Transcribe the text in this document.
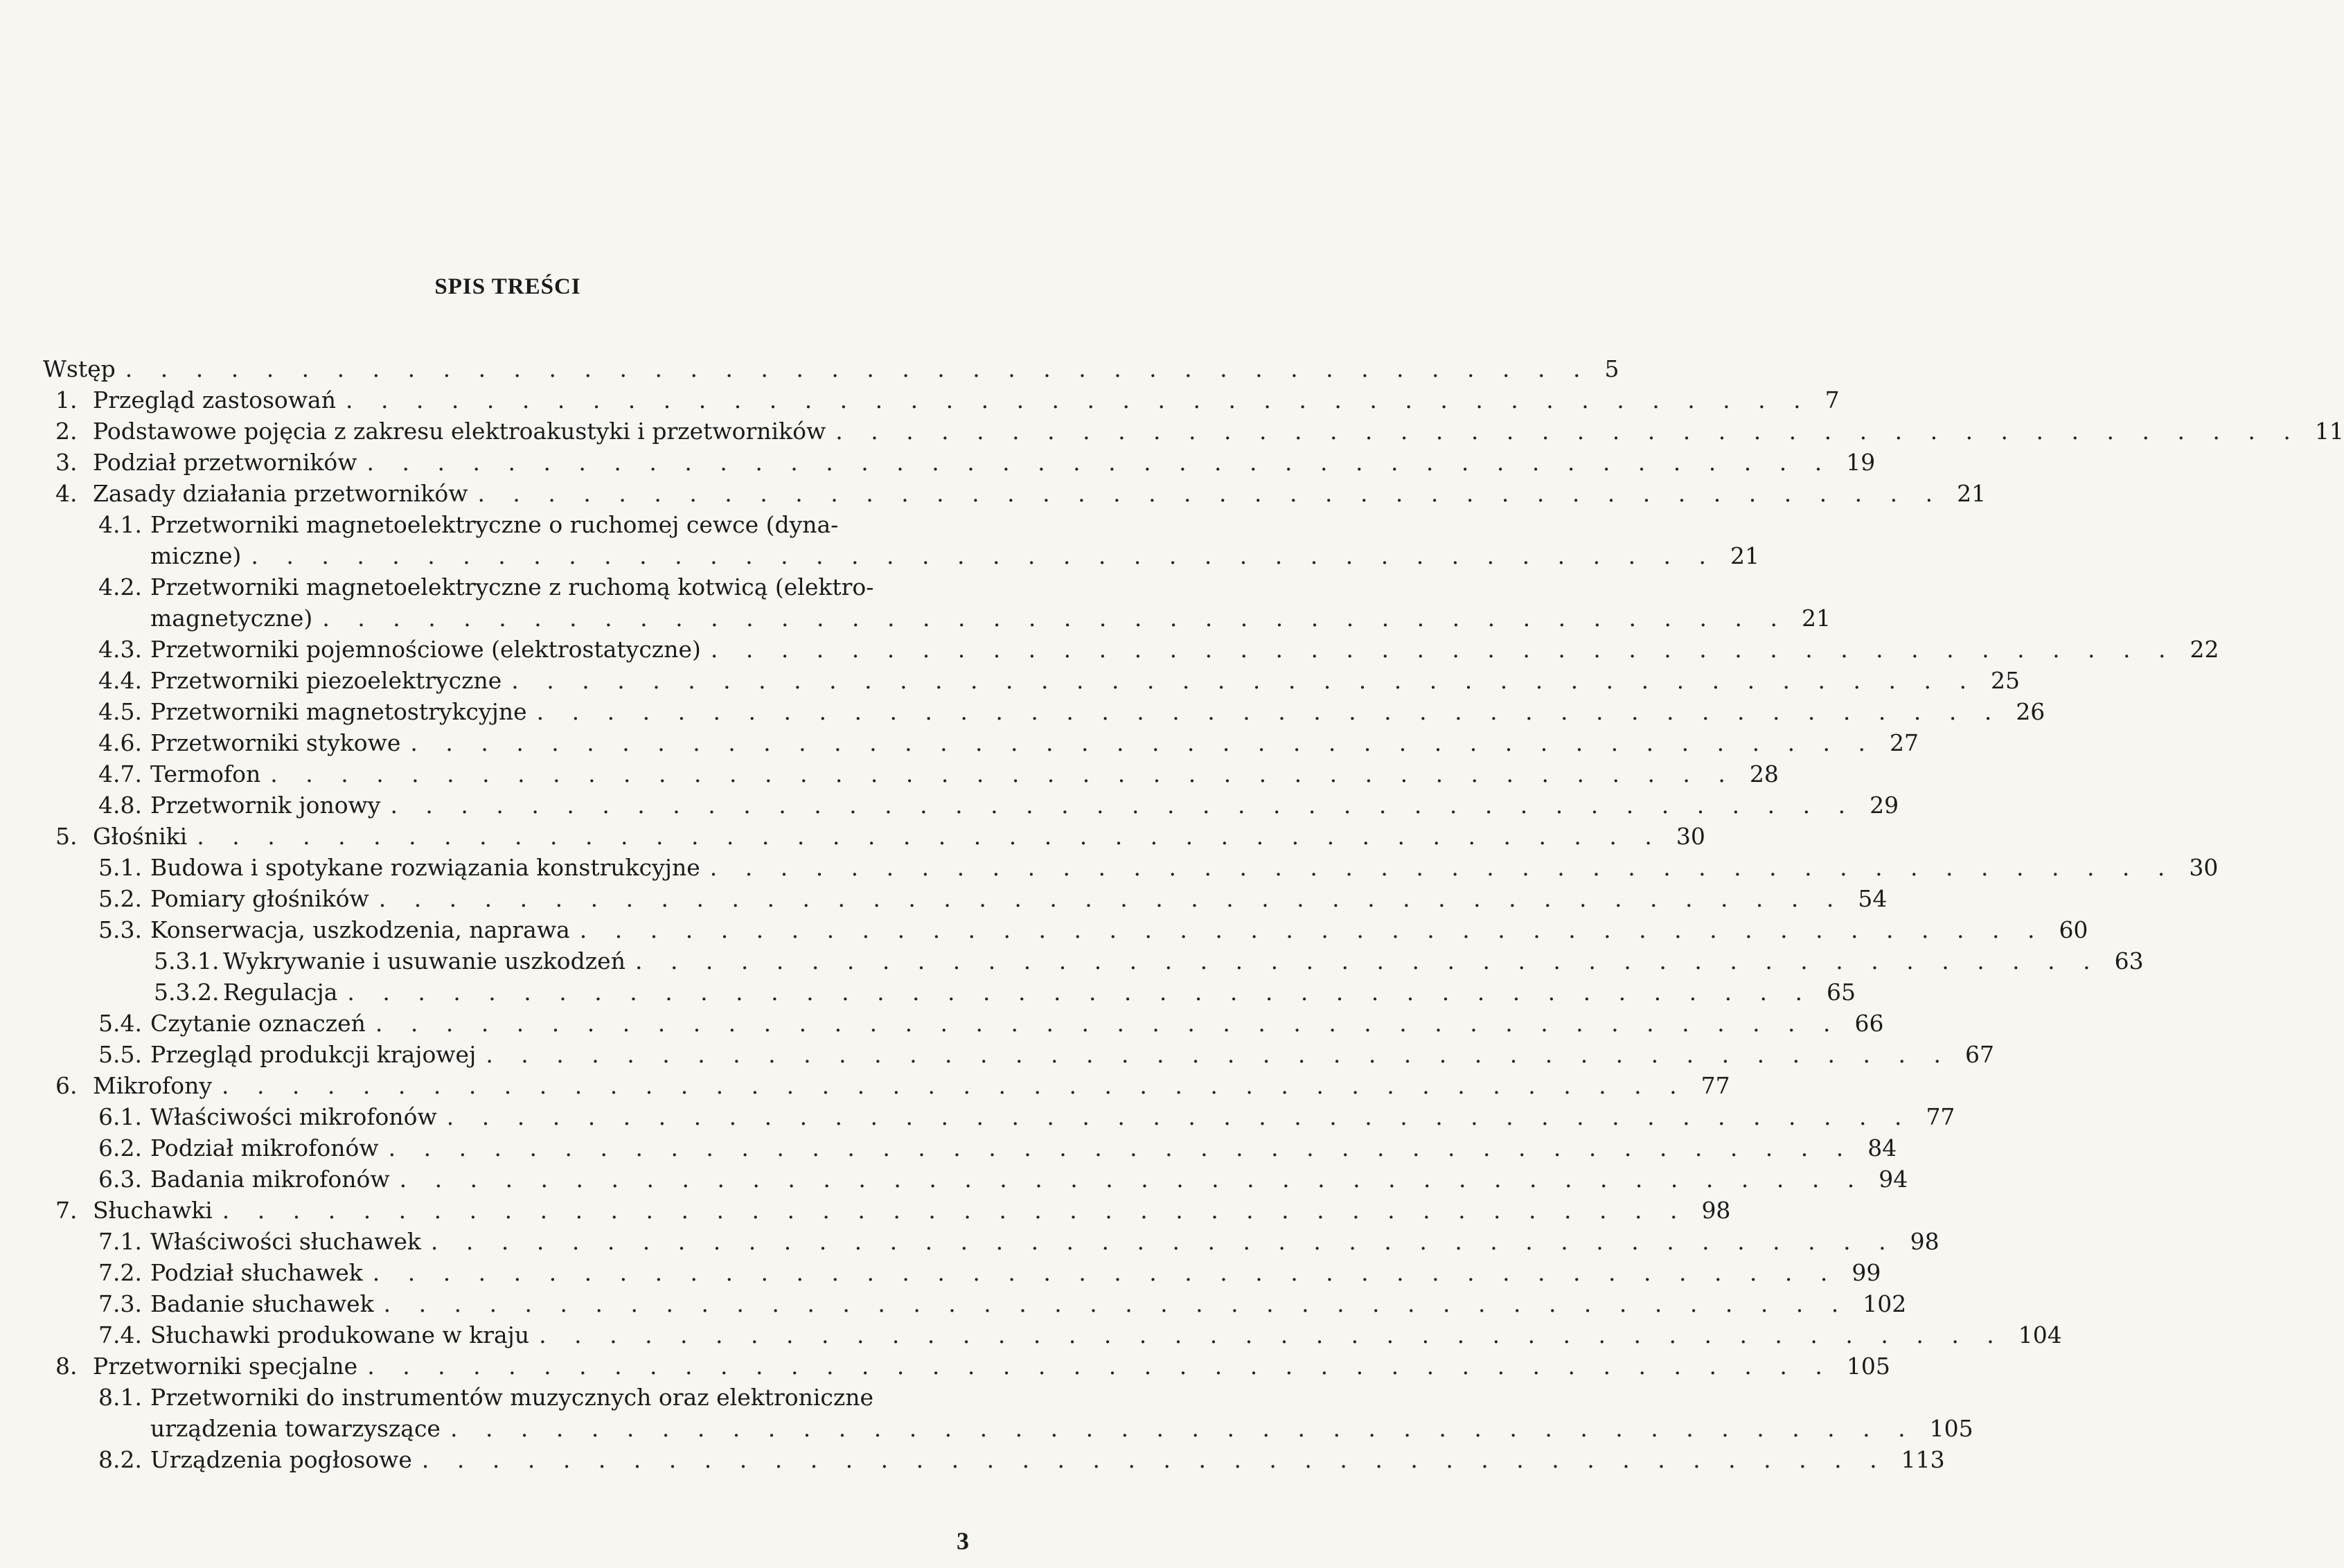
SPIS TREŚCI
Wstęp . . . . . . . . . . . . . . . . . . . . . . . . . . . . . . . . . . . . . . . . . . 5
1. Przegląd zastosowań . . . . . . . . . . . . . . . . . . . . . . . . . . . . . . . . . . . . . . . . . . 7
2. Podstawowe pojęcia z zakresu elektroakustyki i przetworników . . . . . . . . . . . . . . . . . . . . . . . . . . . . . . . . . . . . . . . . . . 11
3. Podział przetworników . . . . . . . . . . . . . . . . . . . . . . . . . . . . . . . . . . . . . . . . . . 19
4. Zasady działania przetworników . . . . . . . . . . . . . . . . . . . . . . . . . . . . . . . . . . . . . . . . . . 21
4.1. Przetworniki magnetoelektryczne o ruchomej cewce (dyna-
miczne) . . . . . . . . . . . . . . . . . . . . . . . . . . . . . . . . . . . . . . . . . . 21
4.2. Przetworniki magnetoelektryczne z ruchomą kotwicą (elektro-
magnetyczne) . . . . . . . . . . . . . . . . . . . . . . . . . . . . . . . . . . . . . . . . . . 21
4.3. Przetworniki pojemnościowe (elektrostatyczne) . . . . . . . . . . . . . . . . . . . . . . . . . . . . . . . . . . . . . . . . . . 22
4.4. Przetworniki piezoelektryczne . . . . . . . . . . . . . . . . . . . . . . . . . . . . . . . . . . . . . . . . . . 25
4.5. Przetworniki magnetostrykcyjne . . . . . . . . . . . . . . . . . . . . . . . . . . . . . . . . . . . . . . . . . . 26
4.6. Przetworniki stykowe . . . . . . . . . . . . . . . . . . . . . . . . . . . . . . . . . . . . . . . . . . 27
4.7. Termofon . . . . . . . . . . . . . . . . . . . . . . . . . . . . . . . . . . . . . . . . . . 28
4.8. Przetwornik jonowy . . . . . . . . . . . . . . . . . . . . . . . . . . . . . . . . . . . . . . . . . . 29
5. Głośniki . . . . . . . . . . . . . . . . . . . . . . . . . . . . . . . . . . . . . . . . . . 30
5.1. Budowa i spotykane rozwiązania konstrukcyjne . . . . . . . . . . . . . . . . . . . . . . . . . . . . . . . . . . . . . . . . . . 30
5.2. Pomiary głośników . . . . . . . . . . . . . . . . . . . . . . . . . . . . . . . . . . . . . . . . . . 54
5.3. Konserwacja, uszkodzenia, naprawa . . . . . . . . . . . . . . . . . . . . . . . . . . . . . . . . . . . . . . . . . . 60
5.3.1. Wykrywanie i usuwanie uszkodzeń . . . . . . . . . . . . . . . . . . . . . . . . . . . . . . . . . . . . . . . . . . 63
5.3.2. Regulacja . . . . . . . . . . . . . . . . . . . . . . . . . . . . . . . . . . . . . . . . . . 65
5.4. Czytanie oznaczeń . . . . . . . . . . . . . . . . . . . . . . . . . . . . . . . . . . . . . . . . . . 66
5.5. Przegląd produkcji krajowej . . . . . . . . . . . . . . . . . . . . . . . . . . . . . . . . . . . . . . . . . . 67
6. Mikrofony . . . . . . . . . . . . . . . . . . . . . . . . . . . . . . . . . . . . . . . . . . 77
6.1. Właściwości mikrofonów . . . . . . . . . . . . . . . . . . . . . . . . . . . . . . . . . . . . . . . . . . 77
6.2. Podział mikrofonów . . . . . . . . . . . . . . . . . . . . . . . . . . . . . . . . . . . . . . . . . . 84
6.3. Badania mikrofonów . . . . . . . . . . . . . . . . . . . . . . . . . . . . . . . . . . . . . . . . . . 94
7. Słuchawki . . . . . . . . . . . . . . . . . . . . . . . . . . . . . . . . . . . . . . . . . . 98
7.1. Właściwości słuchawek . . . . . . . . . . . . . . . . . . . . . . . . . . . . . . . . . . . . . . . . . . 98
7.2. Podział słuchawek . . . . . . . . . . . . . . . . . . . . . . . . . . . . . . . . . . . . . . . . . . 99
7.3. Badanie słuchawek . . . . . . . . . . . . . . . . . . . . . . . . . . . . . . . . . . . . . . . . . . 102
7.4. Słuchawki produkowane w kraju . . . . . . . . . . . . . . . . . . . . . . . . . . . . . . . . . . . . . . . . . . 104
8. Przetworniki specjalne . . . . . . . . . . . . . . . . . . . . . . . . . . . . . . . . . . . . . . . . . . 105
8.1. Przetworniki do instrumentów muzycznych oraz elektroniczne
urządzenia towarzyszące . . . . . . . . . . . . . . . . . . . . . . . . . . . . . . . . . . . . . . . . . . 105
8.2. Urządzenia pogłosowe . . . . . . . . . . . . . . . . . . . . . . . . . . . . . . . . . . . . . . . . . . 113
3
